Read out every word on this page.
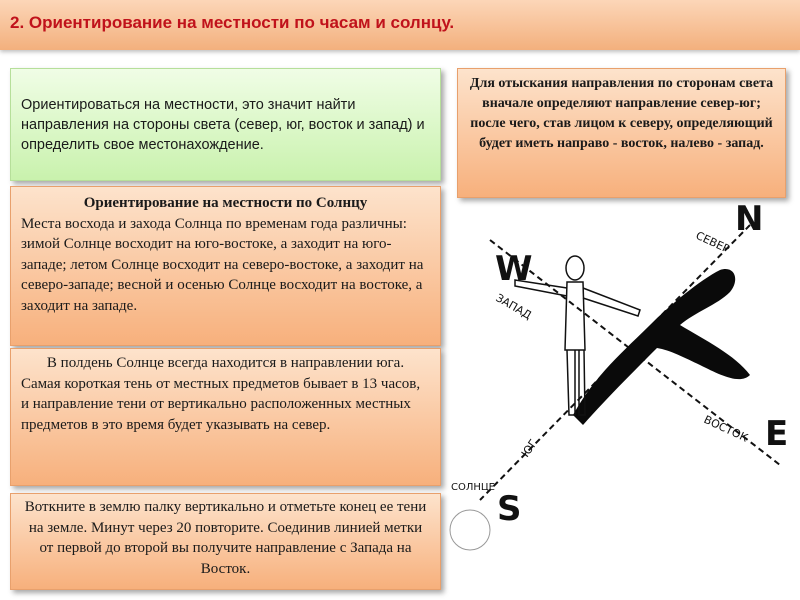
2. Ориентирование на местности по часам и солнцу.
Ориентироваться на местности, это значит найти направления на стороны света (север, юг, восток и запад) и определить свое местонахождение.
Для отыскания направления по сторонам света вначале определяют направление север-юг; после чего, став лицом к северу, определяющий будет иметь направо - восток, налево - запад.
Ориентирование на местности по Солнцу
Места восхода и захода Солнца по временам года различны: зимой Солнце восходит на юго-востоке, а заходит на юго-западе; летом Солнце восходит на северо-востоке, а заходит на северо-западе; весной и осенью Солнце восходит на востоке, а заходит на западе.
В полдень Солнце всегда находится в направлении юга.
Самая короткая тень от местных предметов бывает в 13 часов, и направление тени от вертикально расположенных местных предметов в это время будет указывать на север.
Воткните в землю палку вертикально и отметьте конец ее тени на земле. Минут через 20 повторите. Соединив линией метки от первой до второй вы получите направление с Запада на Восток.
N
W
E
S
СЕВЕР
ЗАПАД
ВОСТОК
ЮГ
СОЛНЦЕ
